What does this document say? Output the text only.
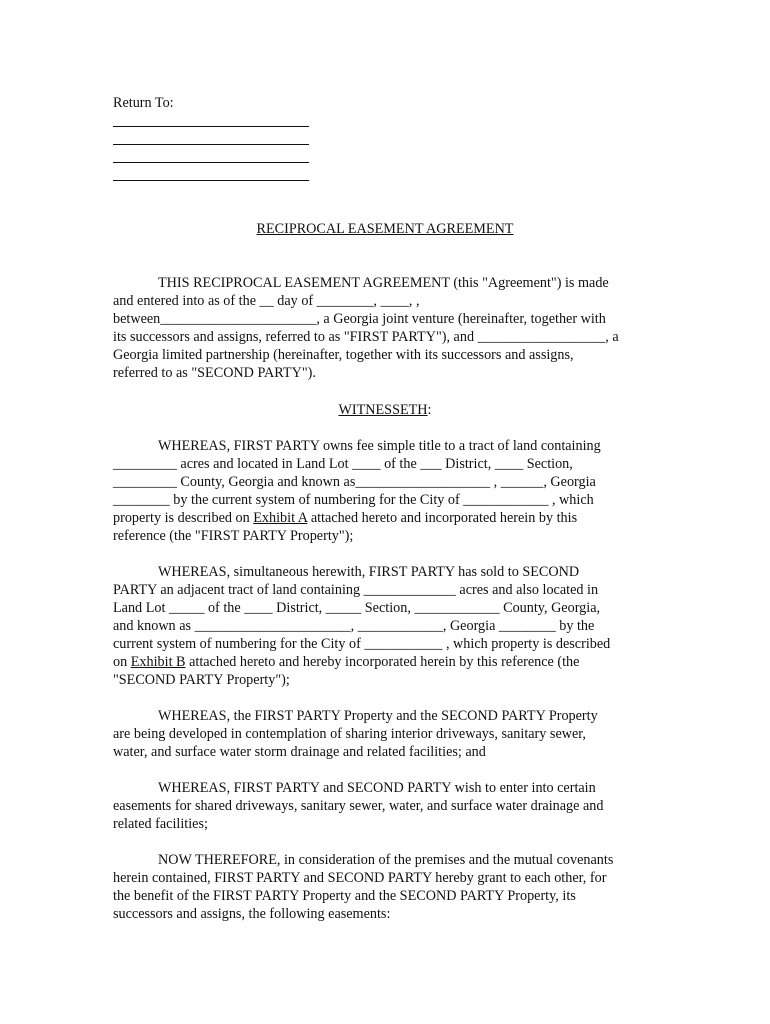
Return To:
RECIPROCAL EASEMENT AGREEMENT
THIS RECIPROCAL EASEMENT AGREEMENT (this "Agreement") is made
and entered into as of the __ day of ________, ____, ,
between______________________, a Georgia joint venture (hereinafter, together with
its successors and assigns, referred to as "FIRST PARTY"), and __________________, a
Georgia limited partnership (hereinafter, together with its successors and assigns,
referred to as "SECOND PARTY").
WITNESSETH:
WHEREAS, FIRST PARTY owns fee simple title to a tract of land containing
_________ acres and located in Land Lot ____ of the ___ District, ____ Section,
_________ County, Georgia and known as___________________ , ______, Georgia
________ by the current system of numbering for the City of ____________ , which
property is described on Exhibit A attached hereto and incorporated herein by this
reference (the "FIRST PARTY Property");
WHEREAS, simultaneous herewith, FIRST PARTY has sold to SECOND
PARTY an adjacent tract of land containing _____________ acres and also located in
Land Lot _____ of the ____ District, _____ Section, ____________ County, Georgia,
and known as ______________________, ____________, Georgia ________ by the
current system of numbering for the City of ___________ , which property is described
on Exhibit B attached hereto and hereby incorporated herein by this reference (the
"SECOND PARTY Property");
WHEREAS, the FIRST PARTY Property and the SECOND PARTY Property
are being developed in contemplation of sharing interior driveways, sanitary sewer,
water, and surface water storm drainage and related facilities; and
WHEREAS, FIRST PARTY and SECOND PARTY wish to enter into certain
easements for shared driveways, sanitary sewer, water, and surface water drainage and
related facilities;
NOW THEREFORE, in consideration of the premises and the mutual covenants
herein contained, FIRST PARTY and SECOND PARTY hereby grant to each other, for
the benefit of the FIRST PARTY Property and the SECOND PARTY Property, its
successors and assigns, the following easements:
